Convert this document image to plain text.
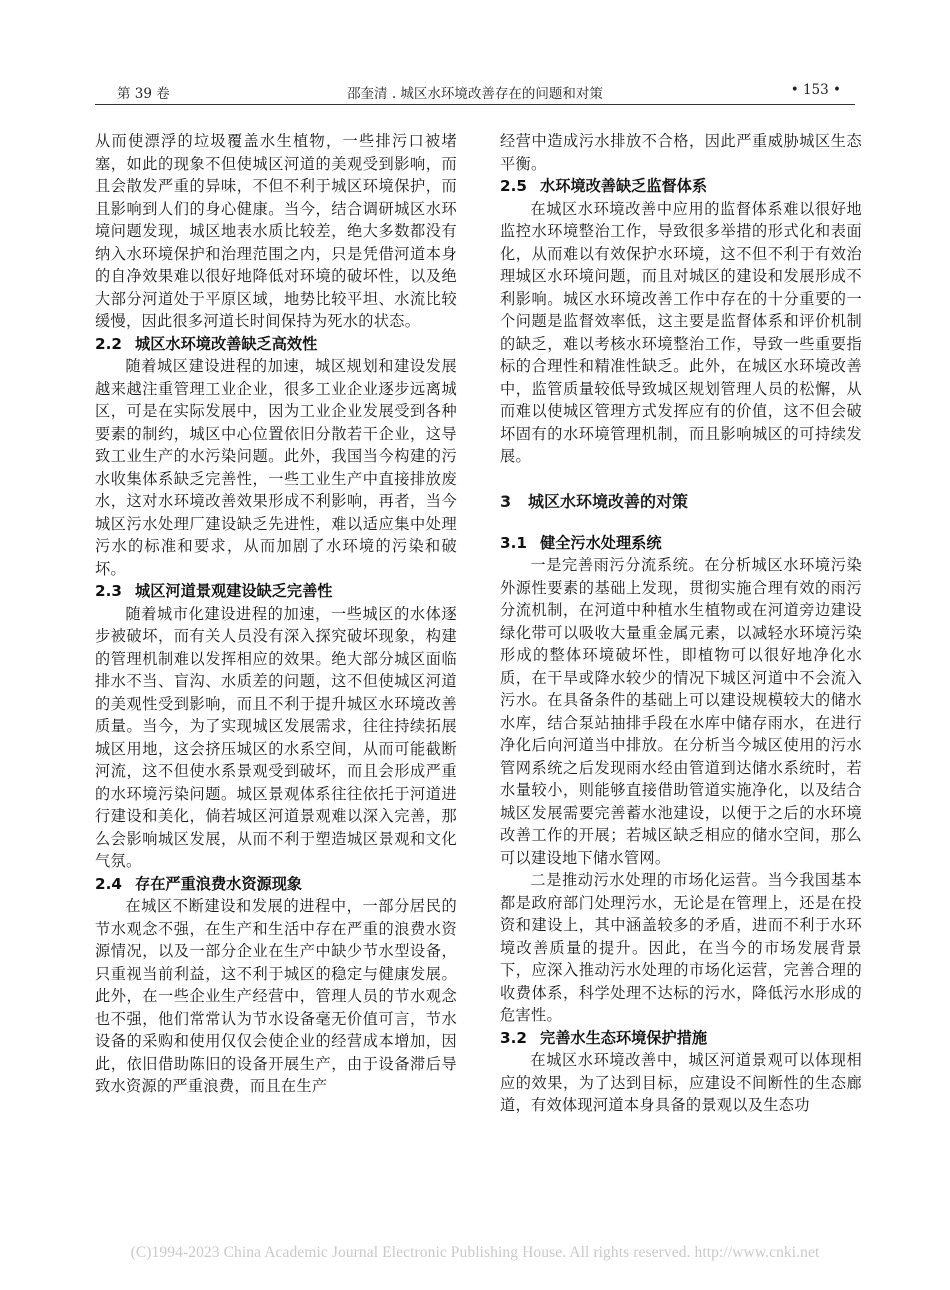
第 39 卷	邵奎清 . 城区水环境改善存在的问题和对策	• 153 •

从而使漂浮的垃圾覆盖水生植物，一些排污口被堵塞，如此的现象不但使城区河道的美观受到影响，而且会散发严重的异味，不但不利于城区环境保护，而且影响到人们的身心健康。当今，结合调研城区水环境问题发现，城区地表水质比较差，绝大多数都没有纳入水环境保护和治理范围之内，只是凭借河道本身的自净效果难以很好地降低对环境的破坏性，以及绝大部分河道处于平原区域，地势比较平坦、水流比较缓慢，因此很多河道长时间保持为死水的状态。

2.2 城区水环境改善缺乏高效性

随着城区建设进程的加速，城区规划和建设发展越来越注重管理工业企业，很多工业企业逐步远离城区，可是在实际发展中，因为工业企业发展受到各种要素的制约，城区中心位置依旧分散若干企业，这导致工业生产的水污染问题。此外，我国当今构建的污水收集体系缺乏完善性，一些工业生产中直接排放废水，这对水环境改善效果形成不利影响，再者，当今城区污水处理厂建设缺乏先进性，难以适应集中处理污水的标准和要求，从而加剧了水环境的污染和破坏。

2.3 城区河道景观建设缺乏完善性

随着城市化建设进程的加速，一些城区的水体逐步被破坏，而有关人员没有深入探究破坏现象，构建的管理机制难以发挥相应的效果。绝大部分城区面临排水不当、盲沟、水质差的问题，这不但使城区河道的美观性受到影响，而且不利于提升城区水环境改善质量。当今，为了实现城区发展需求，往往持续拓展城区用地，这会挤压城区的水系空间，从而可能截断河流，这不但使水系景观受到破坏，而且会形成严重的水环境污染问题。城区景观体系往往依托于河道进行建设和美化，倘若城区河道景观难以深入完善，那么会影响城区发展，从而不利于塑造城区景观和文化气氛。

2.4 存在严重浪费水资源现象

在城区不断建设和发展的进程中，一部分居民的节水观念不强，在生产和生活中存在严重的浪费水资源情况，以及一部分企业在生产中缺少节水型设备，只重视当前利益，这不利于城区的稳定与健康发展。此外，在一些企业生产经营中，管理人员的节水观念也不强，他们常常认为节水设备毫无价值可言，节水设备的采购和使用仅仅会使企业的经营成本增加，因此，依旧借助陈旧的设备开展生产，由于设备滞后导致水资源的严重浪费，而且在生产

经营中造成污水排放不合格，因此严重威胁城区生态平衡。

2.5 水环境改善缺乏监督体系

在城区水环境改善中应用的监督体系难以很好地监控水环境整治工作，导致很多举措的形式化和表面化，从而难以有效保护水环境，这不但不利于有效治理城区水环境问题，而且对城区的建设和发展形成不利影响。城区水环境改善工作中存在的十分重要的一个问题是监督效率低，这主要是监督体系和评价机制的缺乏，难以考核水环境整治工作，导致一些重要指标的合理性和精准性缺乏。此外，在城区水环境改善中，监管质量较低导致城区规划管理人员的松懈，从而难以使城区管理方式发挥应有的价值，这不但会破坏固有的水环境管理机制，而且影响城区的可持续发展。

3 城区水环境改善的对策

3.1 健全污水处理系统

一是完善雨污分流系统。在分析城区水环境污染外源性要素的基础上发现，贯彻实施合理有效的雨污分流机制，在河道中种植水生植物或在河道旁边建设绿化带可以吸收大量重金属元素，以减轻水环境污染形成的整体环境破坏性，即植物可以很好地净化水质，在干旱或降水较少的情况下城区河道中不会流入污水。在具备条件的基础上可以建设规模较大的储水水库，结合泵站抽排手段在水库中储存雨水，在进行净化后向河道当中排放。在分析当今城区使用的污水管网系统之后发现雨水经由管道到达储水系统时，若水量较小，则能够直接借助管道实施净化，以及结合城区发展需要完善蓄水池建设，以便于之后的水环境改善工作的开展；若城区缺乏相应的储水空间，那么可以建设地下储水管网。

二是推动污水处理的市场化运营。当今我国基本都是政府部门处理污水，无论是在管理上，还是在投资和建设上，其中涵盖较多的矛盾，进而不利于水环境改善质量的提升。因此，在当今的市场发展背景下，应深入推动污水处理的市场化运营，完善合理的收费体系，科学处理不达标的污水，降低污水形成的危害性。

3.2 完善水生态环境保护措施

在城区水环境改善中，城区河道景观可以体现相应的效果，为了达到目标，应建设不间断性的生态廊道，有效体现河道本身具备的景观以及生态功

(C)1994-2023 China Academic Journal Electronic Publishing House. All rights reserved. http://www.cnki.net
